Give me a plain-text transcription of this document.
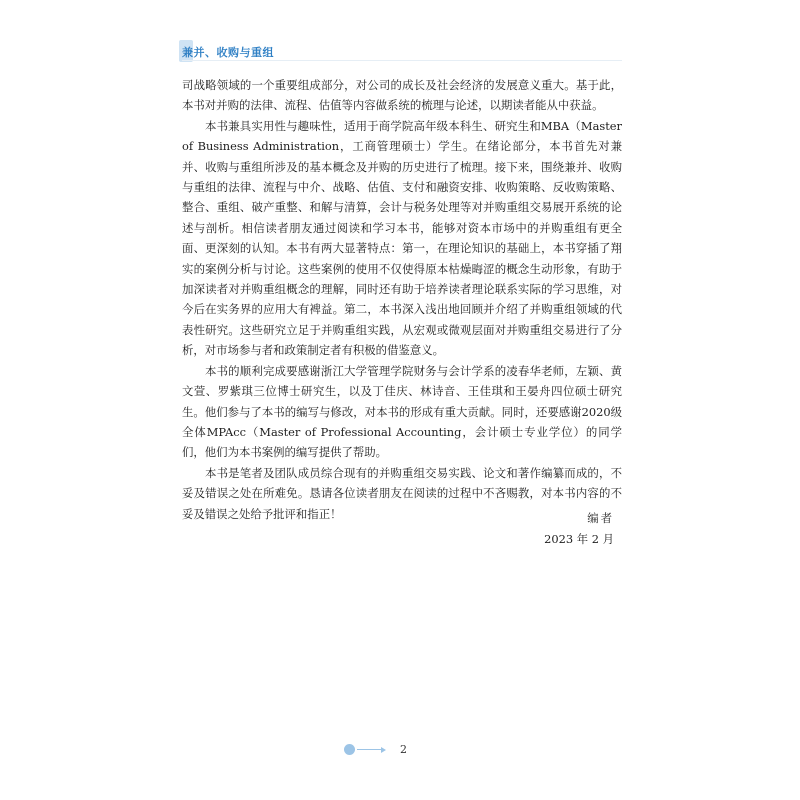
兼并、收购与重组

司战略领域的一个重要组成部分，对公司的成长及社会经济的发展意义重大。基于此，本书对并购的法律、流程、估值等内容做系统的梳理与论述，以期读者能从中获益。

本书兼具实用性与趣味性，适用于商学院高年级本科生、研究生和MBA（Master of Business Administration，工商管理硕士）学生。在绪论部分，本书首先对兼并、收购与重组所涉及的基本概念及并购的历史进行了梳理。接下来，围绕兼并、收购与重组的法律、流程与中介、战略、估值、支付和融资安排、收购策略、反收购策略、整合、重组、破产重整、和解与清算，会计与税务处理等对并购重组交易展开系统的论述与剖析。相信读者朋友通过阅读和学习本书，能够对资本市场中的并购重组有更全面、更深刻的认知。本书有两大显著特点：第一，在理论知识的基础上，本书穿插了翔实的案例分析与讨论。这些案例的使用不仅使得原本枯燥晦涩的概念生动形象，有助于加深读者对并购重组概念的理解，同时还有助于培养读者理论联系实际的学习思维，对今后在实务界的应用大有裨益。第二，本书深入浅出地回顾并介绍了并购重组领域的代表性研究。这些研究立足于并购重组实践，从宏观或微观层面对并购重组交易进行了分析，对市场参与者和政策制定者有积极的借鉴意义。

本书的顺利完成要感谢浙江大学管理学院财务与会计学系的凌春华老师，左颖、黄文萱、罗紫琪三位博士研究生，以及丁佳庆、林诗音、王佳琪和王晏舟四位硕士研究生。他们参与了本书的编写与修改，对本书的形成有重大贡献。同时，还要感谢2020级全体MPAcc（Master of Professional Accounting，会计硕士专业学位）的同学们，他们为本书案例的编写提供了帮助。

本书是笔者及团队成员综合现有的并购重组交易实践、论文和著作编纂而成的，不妥及错误之处在所难免。恳请各位读者朋友在阅读的过程中不吝赐教，对本书内容的不妥及错误之处给予批评和指正！	编者
2023 年 2 月
2
